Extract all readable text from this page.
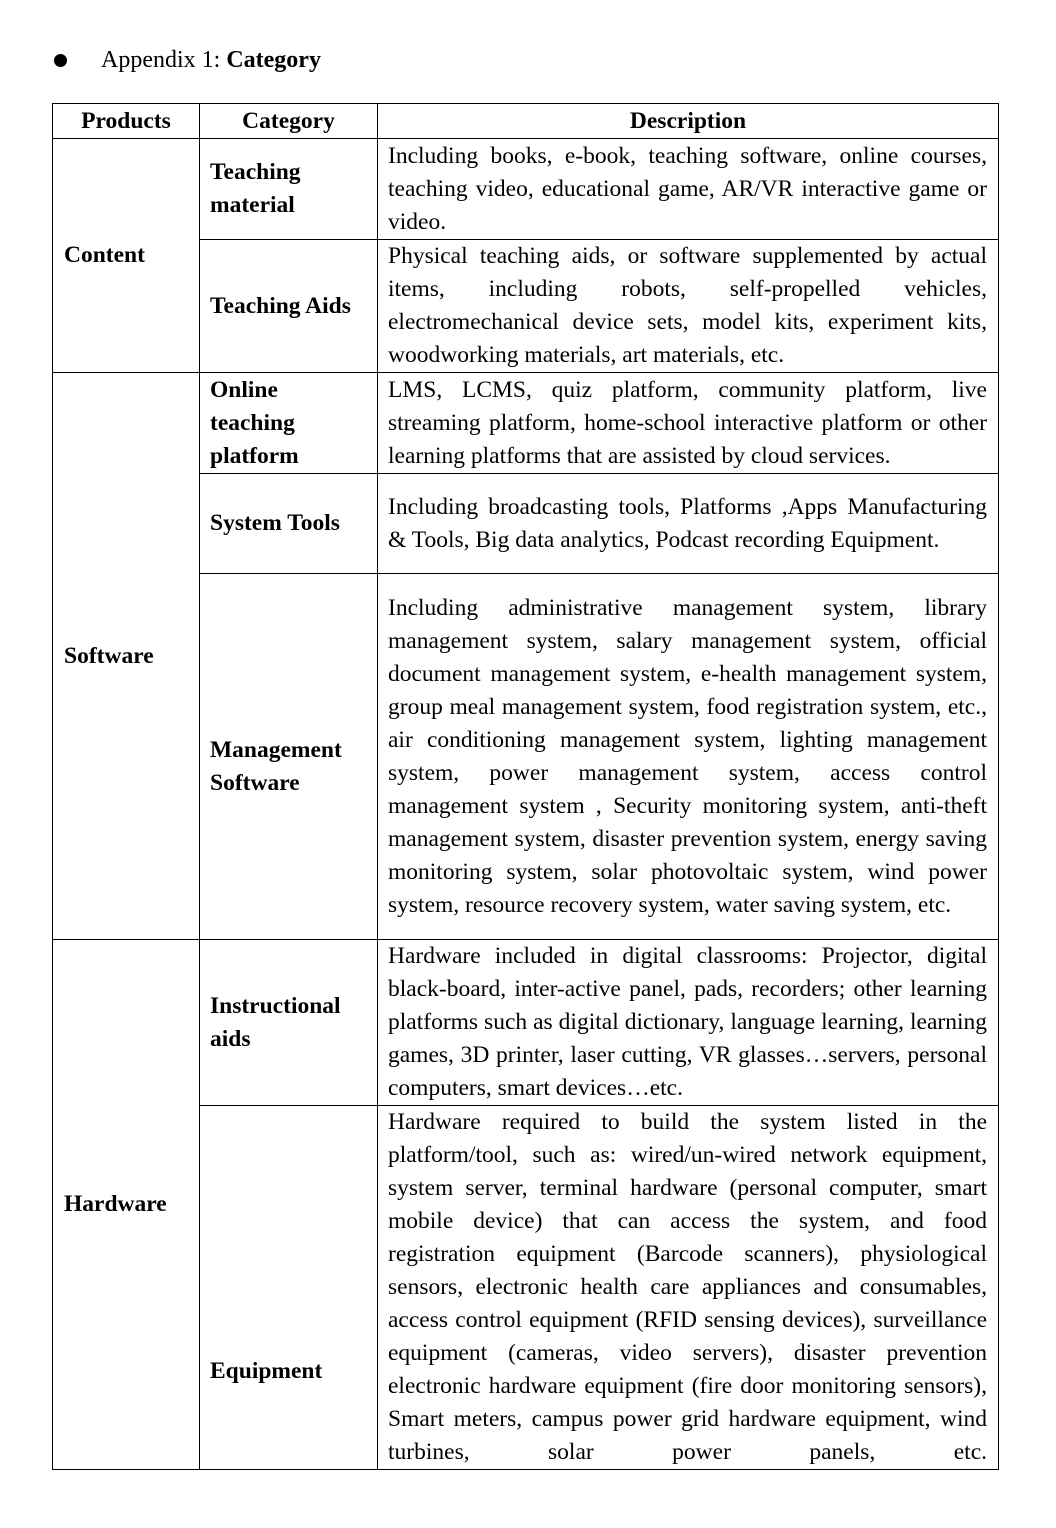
Appendix 1: Category
Products	Category	Description
Content	Teaching material	Including books, e-book, teaching software, online courses, teaching video, educational game, AR/VR interactive game or video.
	Teaching Aids	Physical teaching aids, or software supplemented by actual items, including robots, self-propelled vehicles, electromechanical device sets, model kits, experiment kits, woodworking materials, art materials, etc.
Software	Online teaching platform	LMS, LCMS, quiz platform, community platform, live streaming platform, home-school interactive platform or other learning platforms that are assisted by cloud services.
	System Tools	Including broadcasting tools, Platforms ,Apps Manufacturing & Tools, Big data analytics, Podcast recording Equipment.
	Management Software	Including administrative management system, library management system, salary management system, official document management system, e-health management system, group meal management system, food registration system, etc., air conditioning management system, lighting management system, power management system, access control management system , Security monitoring system, anti-theft management system, disaster prevention system, energy saving monitoring system, solar photovoltaic system, wind power system, resource recovery system, water saving system, etc.
Hardware	Instructional aids	Hardware included in digital classrooms: Projector, digital black-board, inter-active panel, pads, recorders; other learning platforms such as digital dictionary, language learning, learning games, 3D printer, laser cutting, VR glasses…servers, personal computers, smart devices…etc.
	Equipment	Hardware required to build the system listed in the platform/tool, such as: wired/un-wired network equipment, system server, terminal hardware (personal computer, smart mobile device) that can access the system, and food registration equipment (Barcode scanners), physiological sensors, electronic health care appliances and consumables, access control equipment (RFID sensing devices), surveillance equipment (cameras, video servers), disaster prevention electronic hardware equipment (fire door monitoring sensors), Smart meters, campus power grid hardware equipment, wind turbines, solar power panels, etc.
